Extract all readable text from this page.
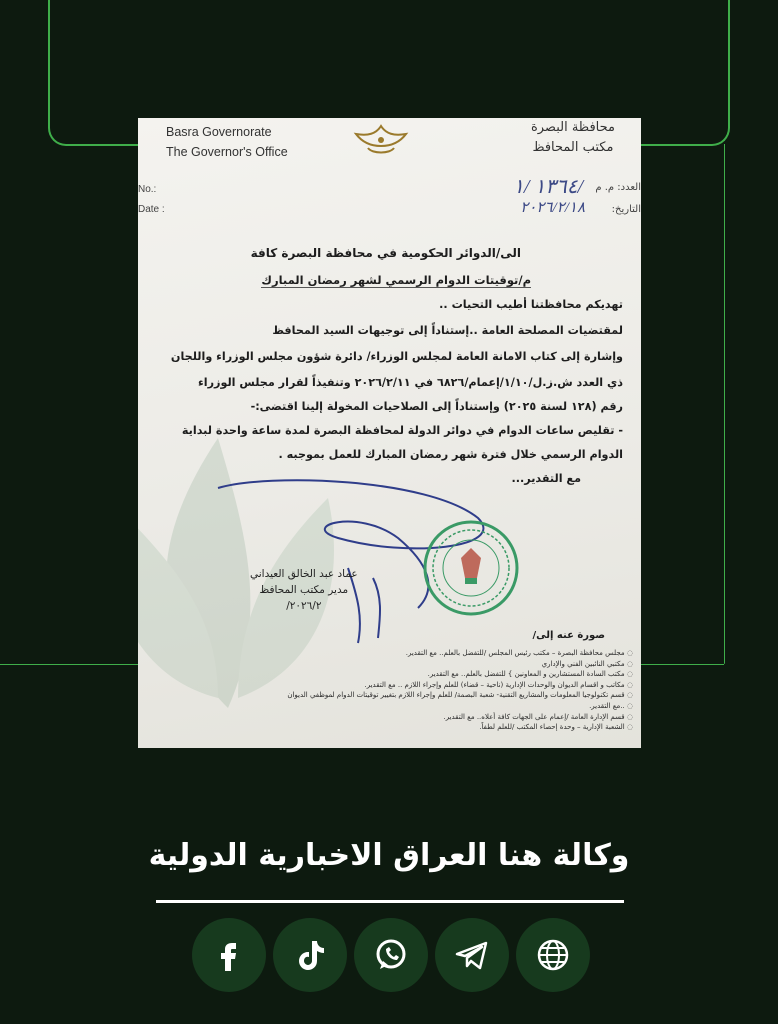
Basra Governorate
The Governor's Office
محافظة البصرة
مكتب المحافظ
No.:
Date :
العدد: م. م
التاريخ:
١٣٦٤ /١/
٢٠٢٦/٢/١٨
الى/الدوائر الحكومية في محافظة البصرة كافة
م/توقيتات الدوام الرسمي لشهر رمضان المبارك
تهديكم محافظتنا أطيب التحيات ..
لمقتضيات المصلحة العامة ..إستناداً إلى توجيهات السيد المحافظ
وإشارة إلى كتاب الامانة العامة لمجلس الوزراء/ دائرة شؤون مجلس الوزراء واللجان
ذي العدد ش.ز.ل/١/١٠/إعمام/٦٨٢٦ في ٢٠٢٦/٢/١١ وتنفيذاً لقرار مجلس الوزراء
رقم (١٢٨ لسنة ٢٠٢٥) وإستناداً إلى الصلاحيات المخولة إلينا اقتضى:-
- تقليص ساعات الدوام في دوائر الدولة لمحافظة البصرة لمدة ساعة واحدة لبداية
الدوام الرسمي خلال فترة شهر رمضان المبارك للعمل بموجبه .
مع التقدير...
عماد عبد الخالق العيداني
مدير مكتب المحافظ
٢٠٢٦/٢/
صورة عنه إلى/
◌ مجلس محافظة البصرة – مكتب رئيس المجلس /للتفضل بالعلم.. مع التقدير.
◌ مكتبي النائبين الفني والإداري
◌ مكتب السادة المستشارين و المعاونين } للتفضل بالعلم.. مع التقدير.
◌ مكاتب و اقسام الديوان والوحدات الإدارية (ناحية – قضاء) للعلم وإجراء اللازم .. مع التقدير.
◌ قسم تكنولوجيا المعلومات والمشاريع التقنية- شعبة البصمة/ للعلم وإجراء اللازم بتغيير توقيتات الدوام لموظفي الديوان
◌ ..مع التقدير.
◌ قسم الإدارة العامة /إعمام على الجهات كافة أعلاه.. مع التقدير.
◌ الشعبة الإدارية – وحدة إحصاء المكتب /للعلم لطفاً.
وكالة هنا العراق الاخبارية الدولية
